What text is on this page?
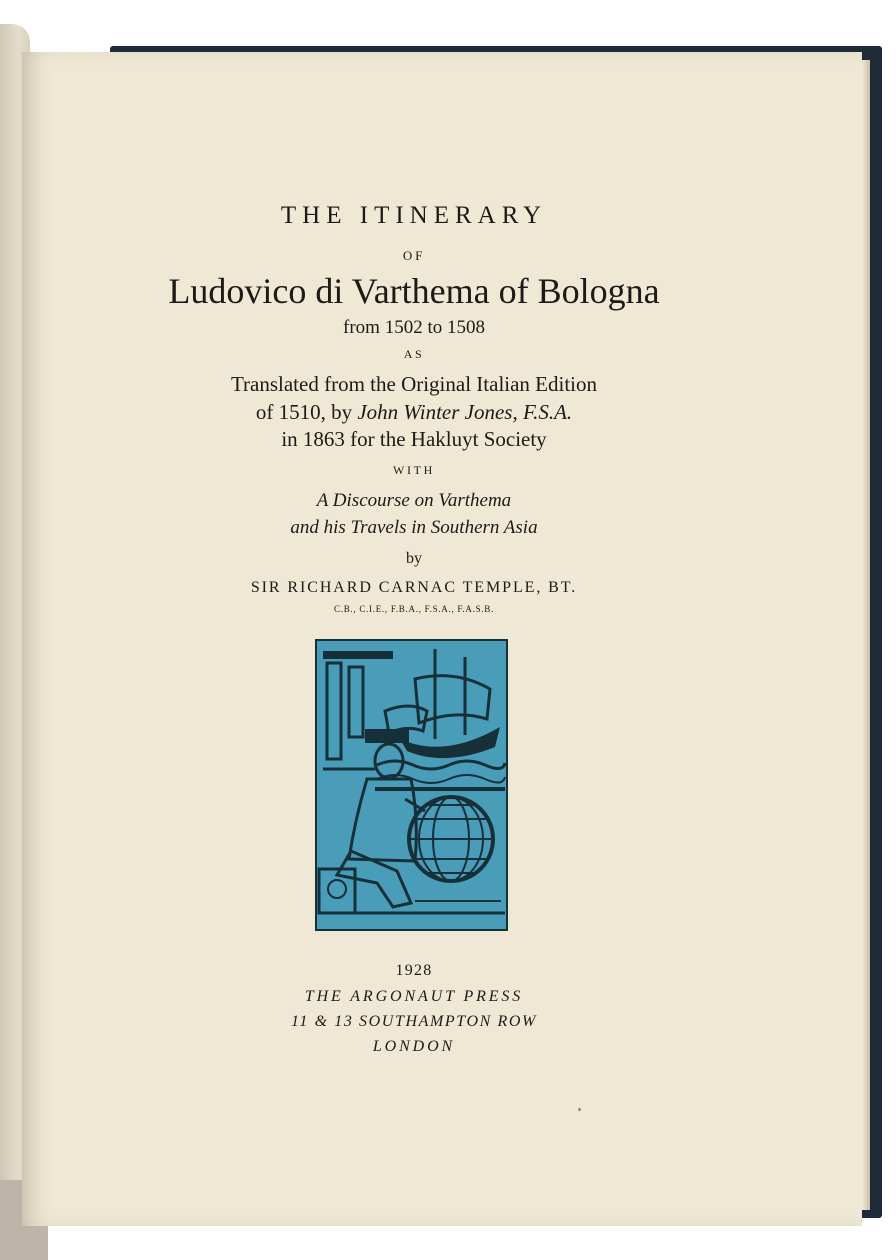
THE ITINERARY
OF
Ludovico di Varthema of Bologna
from 1502 to 1508
AS
Translated from the Original Italian Edition
of 1510, by John Winter Jones, F.S.A.
in 1863 for the Hakluyt Society
WITH
A Discourse on Varthema
and his Travels in Southern Asia
by
SIR RICHARD CARNAC TEMPLE, BT.
C.B., C.I.E., F.B.A., F.S.A., F.A.S.B.
1928
THE ARGONAUT PRESS
11 & 13 SOUTHAMPTON ROW
LONDON
